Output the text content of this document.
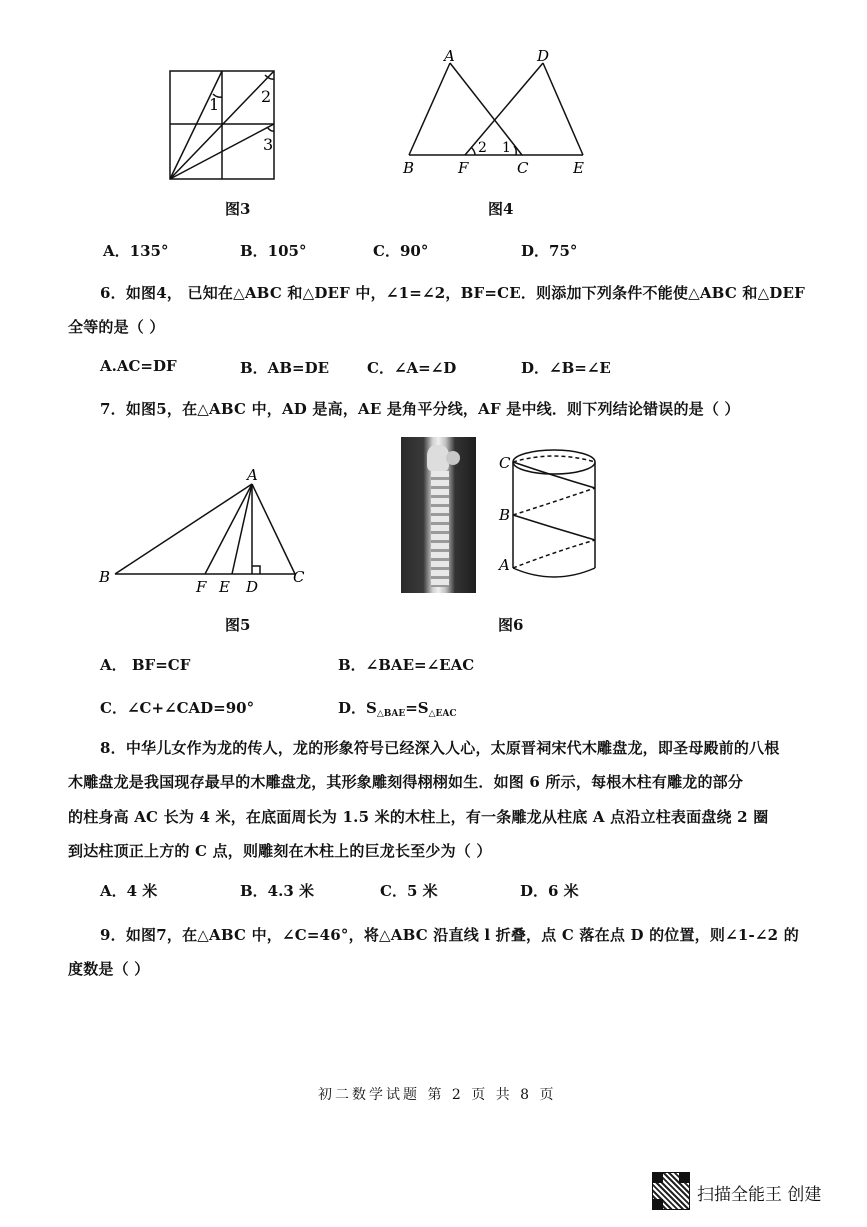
1	2
3
图3
A	D
B	F	C	E
2 1
图4
A．135°	B．105°	C．90°	D．75°
6．如图4， 已知在△ABC 和△DEF 中，∠1=∠2，BF=CE．则添加下列条件不能使△ABC 和△DEF
全等的是（ ）
A.AC=DF	B．AB=DE	C．∠A=∠D	D．∠B=∠E
7．如图5，在△ABC 中，AD 是高，AE 是角平分线，AF 是中线．则下列结论错误的是（ ）
A
B
F E D
C
图5
C
B
A
图6
A． BF=CF	B．∠BAE=∠EAC
C．∠C+∠CAD=90°	D．$S_{\triangle BAE}=S_{\triangle EAC}$
8．中华儿女作为龙的传人，龙的形象符号已经深入人心，太原晋祠宋代木雕盘龙，即圣母殿前的八根
木雕盘龙是我国现存最早的木雕盘龙，其形象雕刻得栩栩如生．如图 6 所示，每根木柱有雕龙的部分
的柱身高 AC 长为 4 米，在底面周长为 1.5 米的木柱上，有一条雕龙从柱底 A 点沿立柱表面盘绕 2 圈
到达柱顶正上方的 C 点，则雕刻在木柱上的巨龙长至少为（ ）
A．4 米	B．4.3 米	C．5 米	D．6 米
9．如图7，在△ABC 中，∠C=46°，将△ABC 沿直线 l 折叠，点 C 落在点 D 的位置，则∠1-∠2 的
度数是（ ）
初二数学试题 第 2 页 共 8 页
扫描全能王 创建
